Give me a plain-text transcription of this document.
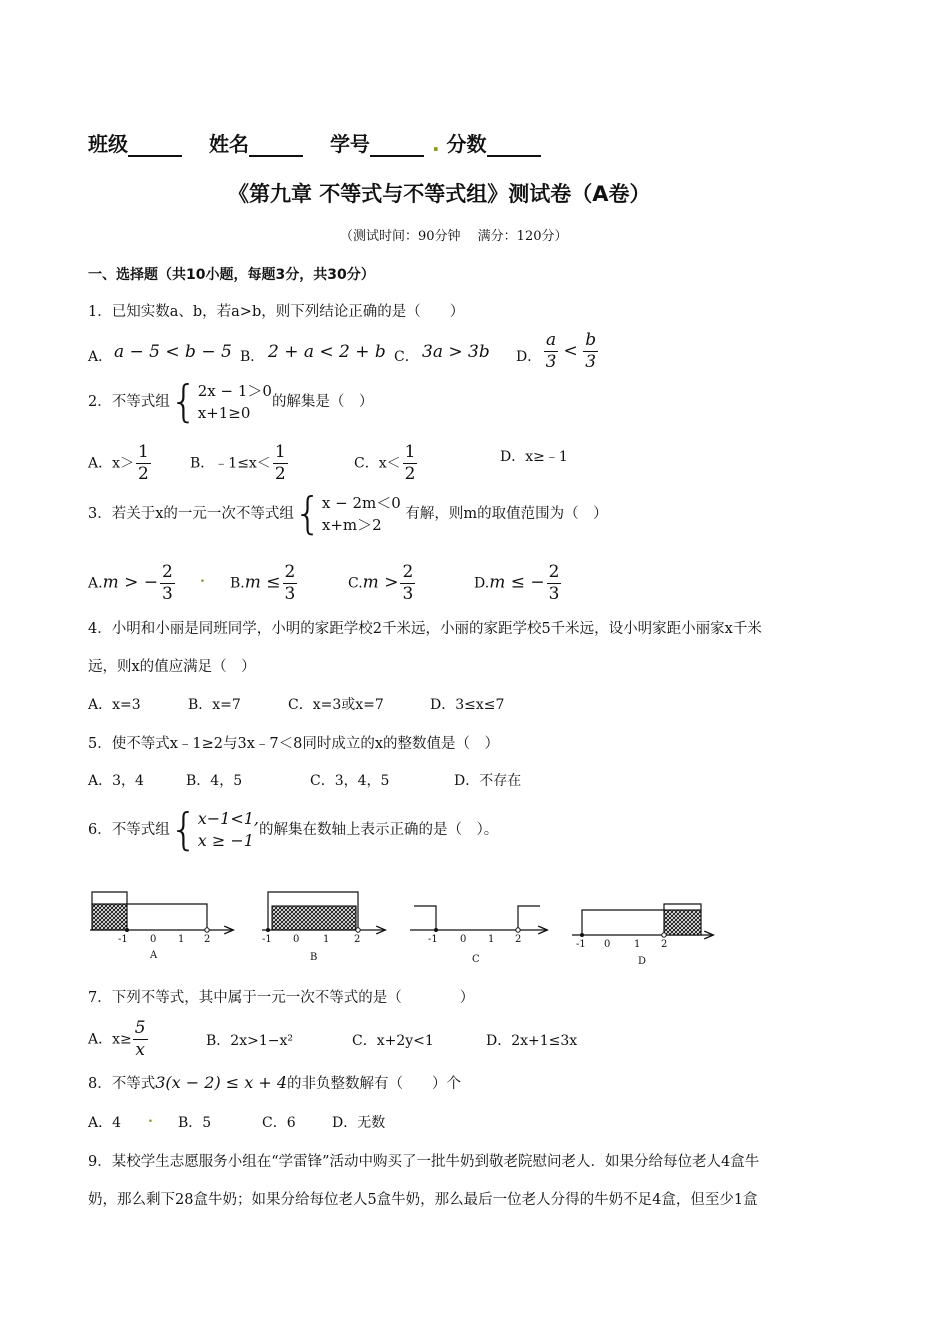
班级	姓名	学号	. 分数
《第九章 不等式与不等式组》测试卷（A卷）
（测试时间：90分钟　 满分：120分）
一、选择题（共10小题，每题3分，共30分）
1．已知实数a、b，若a>b，则下列结论正确的是（　　）
A． a − 5 < b − 5 B． 2 + a < 2 + b C． 3a > 3b D． $\frac{a}{3} < \frac{b}{3}$
2．不等式组{ 2x − 1＞0
x+1≥0
的解集是（　）
A．$x> \frac{1}{2}$	B．﹣1≤x＜ $\frac{1}{2}$	C．$x< \frac{1}{2}$	D．x≥﹣1
3．若关于x的一元一次不等式组{ x − 2m＜0
x+m＞2
有解，则m的取值范围为（　）
A.m > − $\frac{2}{3}$ . $B.m \le \frac{2}{3}$	$C.m > \frac{2}{3}$	D.m ≤ − $\frac{2}{3}$
4．小明和小丽是同班同学，小明的家距学校2千米远，小丽的家距学校5千米远，设小明家距小丽家x千米
远，则x的值应满足（　）
A．x=3	B．x=7	C．x=3或x=7	D．3≤x≤7
5．使不等式x﹣1≥2与3x﹣7＜8同时成立的x的整数值是（　）
A．3，4	B．4，5	C．3，4，5	D．不存在
6．不等式组{ x−1<1,
x ≥ −1
的解集在数轴上表示正确的是（　）。
-1 0 1 2
A
-1 0 1 2
B
-1 0 1 2
C
-1 0 1 2
D
7．下列不等式，其中属于一元一次不等式的是（　　　　）
A．$x\ge \frac{5}{x}$	B．2x>1−x²	C．x+2y<1	D．2x+1≤3x
8．不等式3(x − 2) ≤ x + 4的非负整数解有（　　）个
A．4 . B．5	C．6	D．无数
9．某校学生志愿服务小组在“学雷锋”活动中购买了一批牛奶到敬老院慰问老人．如果分给每位老人4盒牛
奶，那么剩下28盒牛奶；如果分给每位老人5盒牛奶，那么最后一位老人分得的牛奶不足4盒，但至少1盒
